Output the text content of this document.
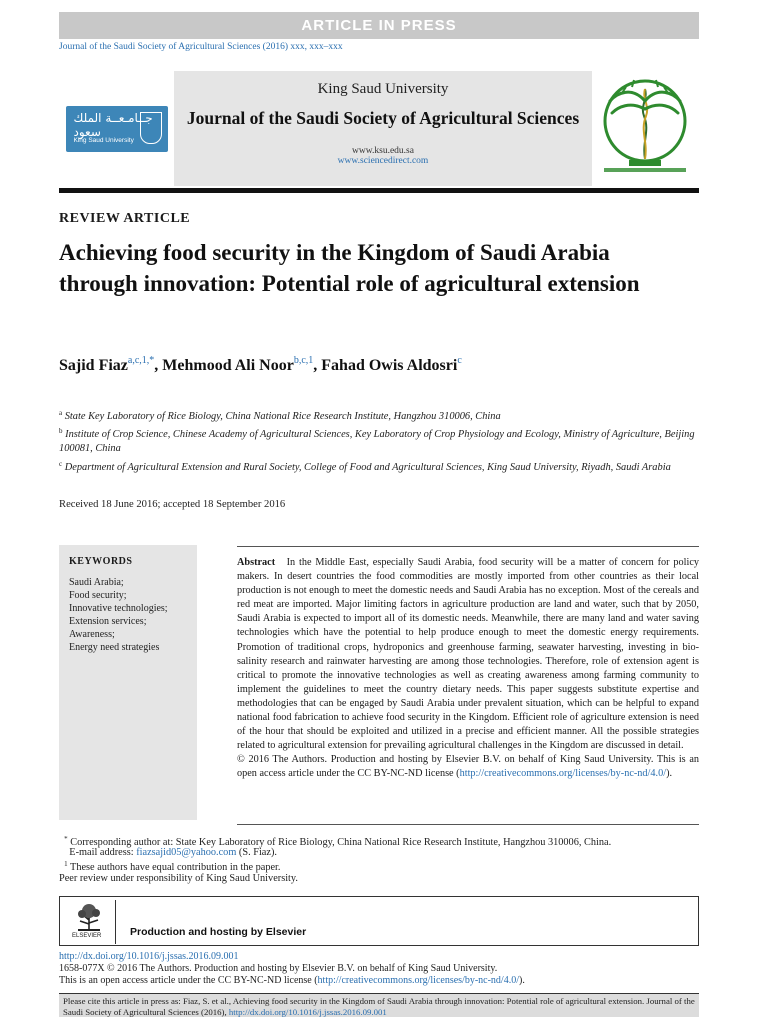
ARTICLE IN PRESS
Journal of the Saudi Society of Agricultural Sciences (2016) xxx, xxx–xxx
جــامـعــة الملك سعود
King Saud University
King Saud University
Journal of the Saudi Society of Agricultural Sciences
www.ksu.edu.sa
www.sciencedirect.com
REVIEW ARTICLE
Achieving food security in the Kingdom of Saudi Arabia through innovation: Potential role of agricultural extension
Sajid Fiaz$^{a,c,1,*}$, Mehmood Ali Noor$^{b,c,1}$, Fahad Owis Aldosri$^c$
$^a$ State Key Laboratory of Rice Biology, China National Rice Research Institute, Hangzhou 310006, China
$^b$ Institute of Crop Science, Chinese Academy of Agricultural Sciences, Key Laboratory of Crop Physiology and Ecology, Ministry of Agriculture, Beijing 100081, China
$^c$ Department of Agricultural Extension and Rural Society, College of Food and Agricultural Sciences, King Saud University, Riyadh, Saudi Arabia
Received 18 June 2016; accepted 18 September 2016
KEYWORDS
Saudi Arabia;
Food security;
Innovative technologies;
Extension services;
Awareness;
Energy need strategies
Abstract In the Middle East, especially Saudi Arabia, food security will be a matter of concern for policy makers. In desert countries the food commodities are mostly imported from other countries as their local production is not enough to meet the domestic needs and Saudi Arabia has no exception. Most of the cereals and red meat are imported. Major limiting factors in agriculture production are land and water, such that by 2050, Saudi Arabia is expected to import all of its domestic needs. Meanwhile, there are many land and water saving technologies which have the potential to help produce enough to meet the domestic energy requirements. Promotion of traditional crops, hydroponics and greenhouse farming, seawater harvesting, investing in bio-salinity research and rainwater harvesting are among those technologies. Therefore, role of extension agent is critical to promote the innovative technologies as well as creating awareness among farming community to implement the guidelines to meet the country dietary needs. This paper suggests substitute expertise and methodologies that can be engaged by Saudi Arabia under prevalent situation, which can be helpful to expand national food fabrication to achieve food security in the Kingdom. Efficient role of agriculture extension is need of the hour that should be exploited and utilized in a precise and efficient manner. All the possible strategies related to agricultural extension for prevailing agricultural challenges in the Kingdom are discussed in detail.
© 2016 The Authors. Production and hosting by Elsevier B.V. on behalf of King Saud University. This is an open access article under the CC BY-NC-ND license (http://creativecommons.org/licenses/by-nc-nd/4.0/).
* Corresponding author at: State Key Laboratory of Rice Biology, China National Rice Research Institute, Hangzhou 310006, China.
E-mail address: fiazsajid05@yahoo.com (S. Fiaz).
$^1$ These authors have equal contribution in the paper.
Peer review under responsibility of King Saud University.
ELSEVIER	Production and hosting by Elsevier
http://dx.doi.org/10.1016/j.jssas.2016.09.001
1658-077X © 2016 The Authors. Production and hosting by Elsevier B.V. on behalf of King Saud University.
This is an open access article under the CC BY-NC-ND license (http://creativecommons.org/licenses/by-nc-nd/4.0/).
Please cite this article in press as: Fiaz, S. et al., Achieving food security in the Kingdom of Saudi Arabia through innovation: Potential role of agricultural extension. Journal of the Saudi Society of Agricultural Sciences (2016), http://dx.doi.org/10.1016/j.jssas.2016.09.001
